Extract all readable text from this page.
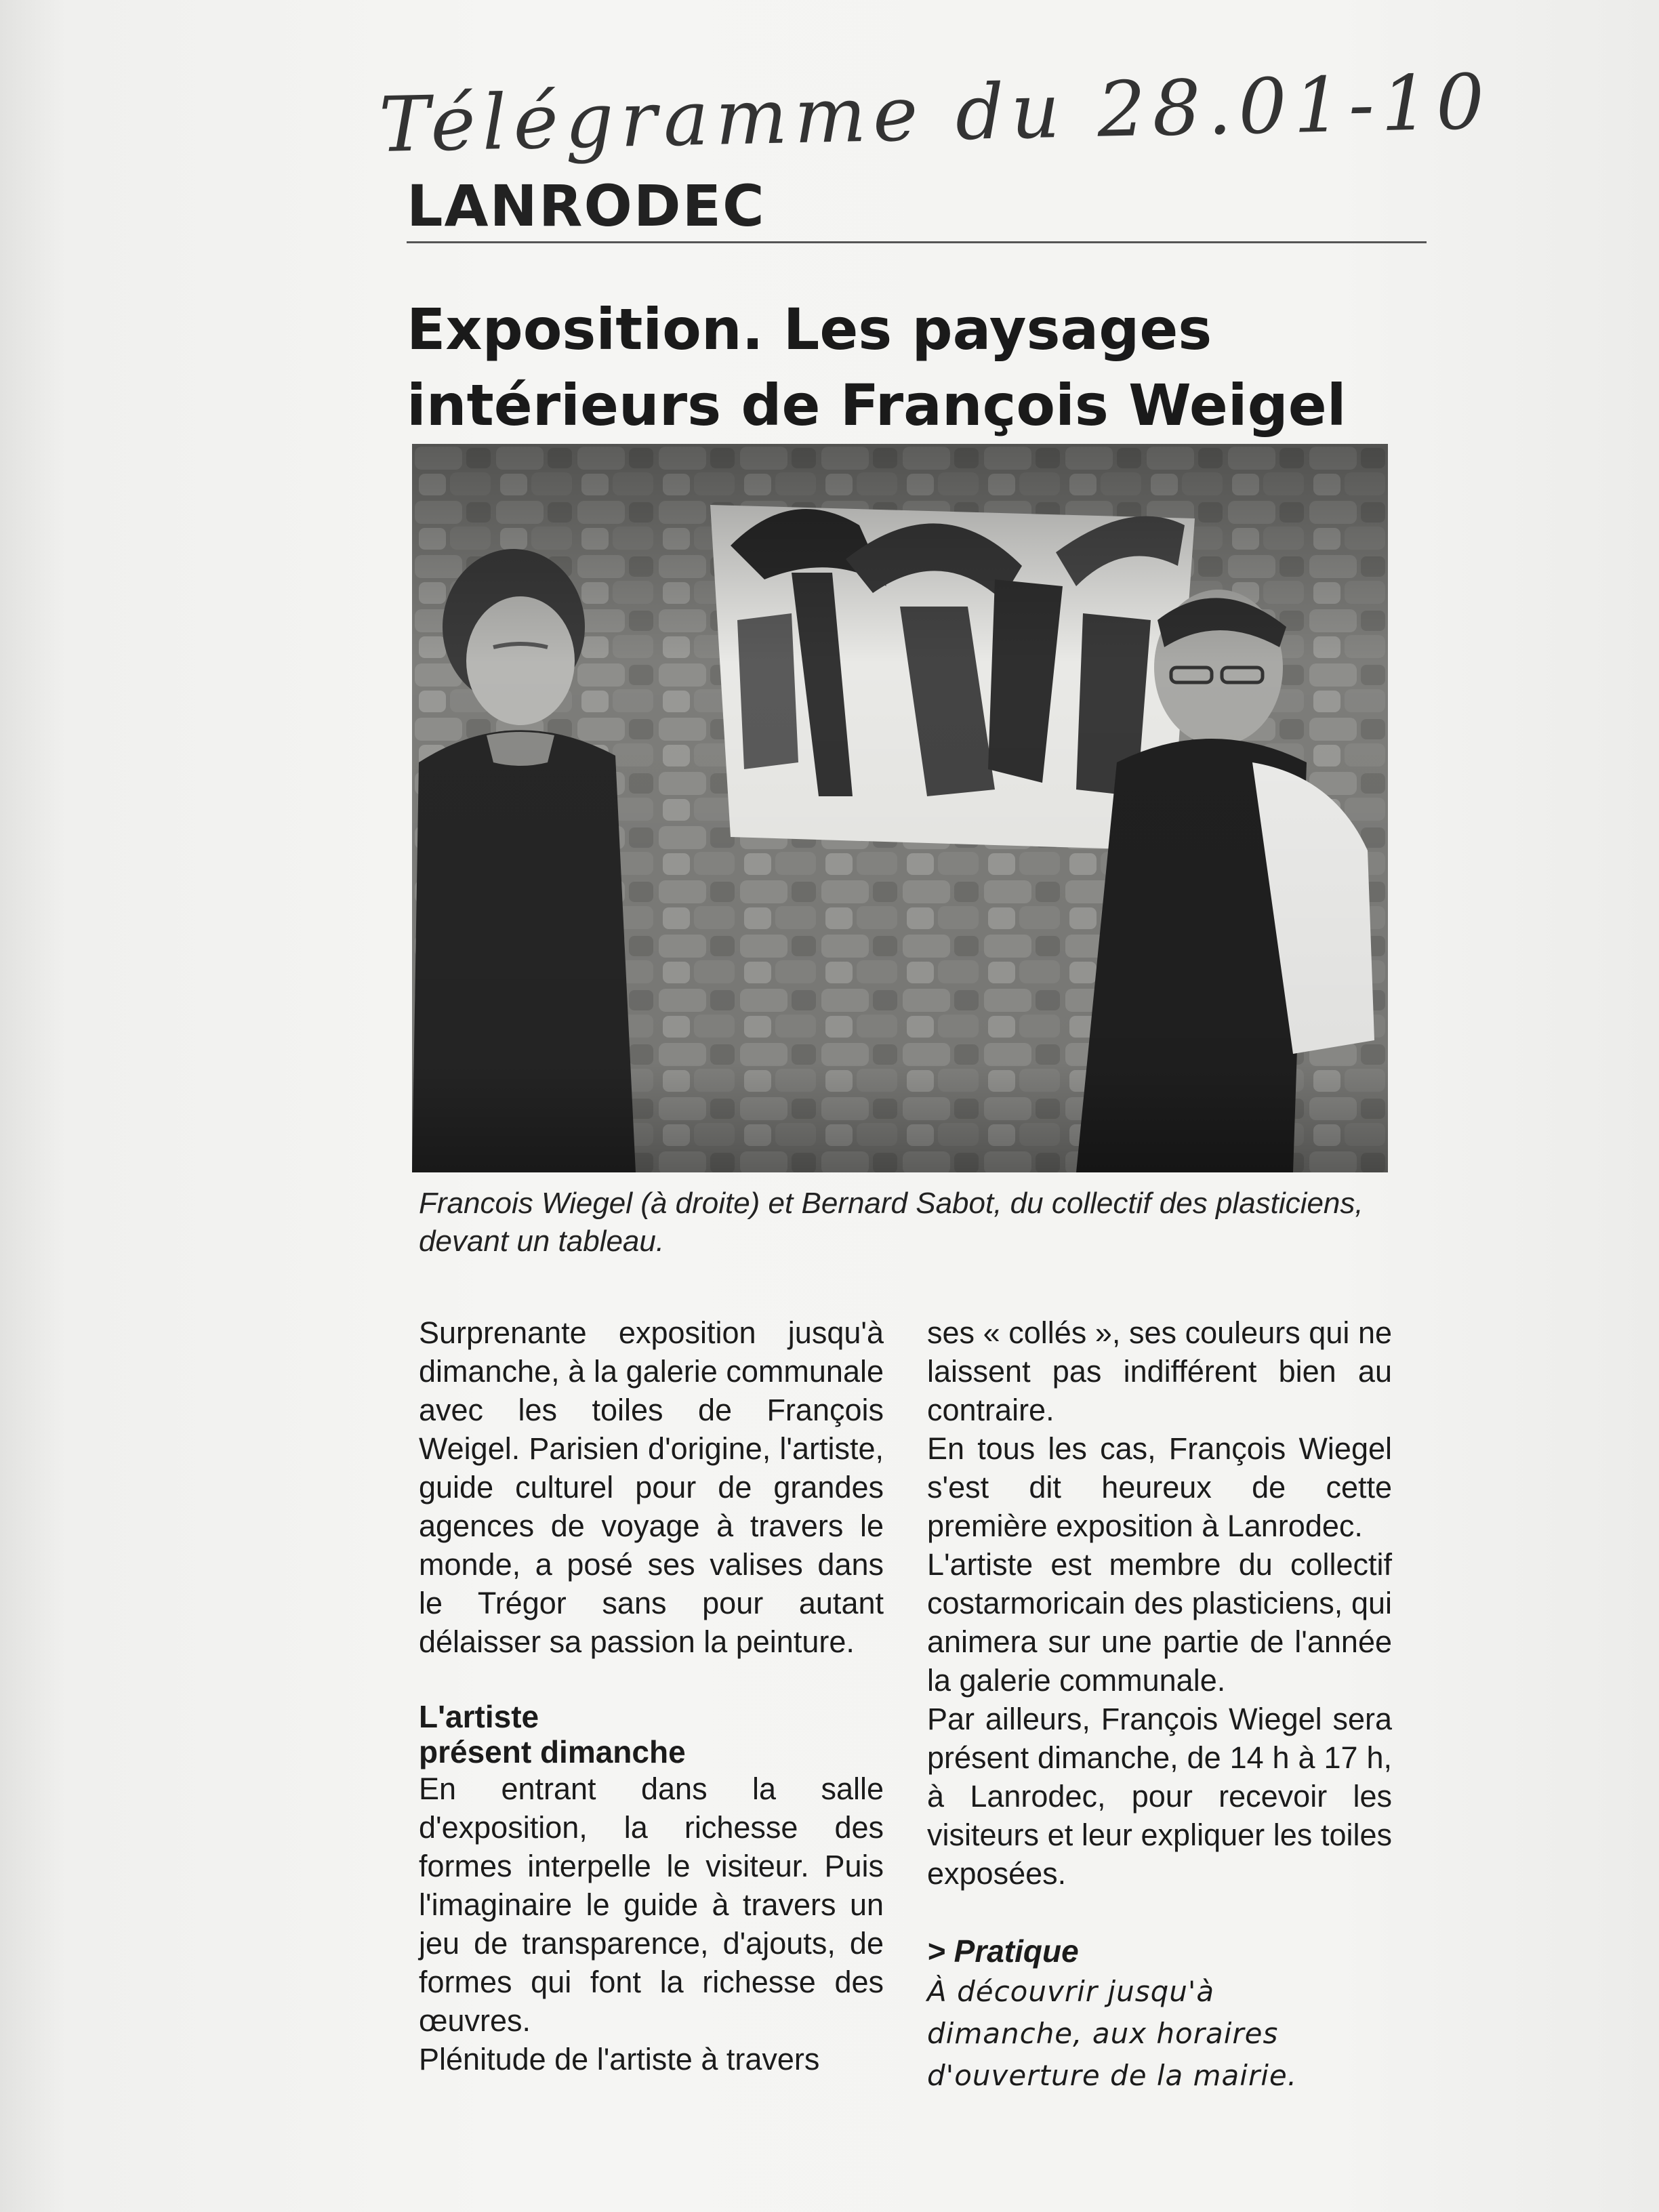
Télégramme du 28.01-10
LANRODEC
Exposition. Les paysages
intérieurs de François Weigel
Francois Wiegel (à droite) et Bernard Sabot, du collectif des plasticiens, devant un tableau.

Surprenante exposition jusqu'à dimanche, à la galerie communale avec les toiles de François Weigel. Parisien d'origine, l'artiste, guide culturel pour de grandes agences de voyage à travers le monde, a posé ses valises dans le Trégor sans pour autant délaisser sa passion la peinture.

L'artiste
présent dimanche

En entrant dans la salle d'exposition, la richesse des formes interpelle le visiteur. Puis l'imaginaire le guide à travers un jeu de transparence, d'ajouts, de formes qui font la richesse des œuvres.

Plénitude de l'artiste à travers

ses « collés », ses couleurs qui ne laissent pas indifférent bien au contraire.

En tous les cas, François Wiegel s'est dit heureux de cette première exposition à Lanrodec.

L'artiste est membre du collectif costarmoricain des plasticiens, qui animera sur une partie de l'année la galerie communale.

Par ailleurs, François Wiegel sera présent dimanche, de 14 h à 17 h, à Lanrodec, pour recevoir les visiteurs et leur expliquer les toiles exposées.

> Pratique

À découvrir jusqu'à
dimanche, aux horaires
d'ouverture de la mairie.
